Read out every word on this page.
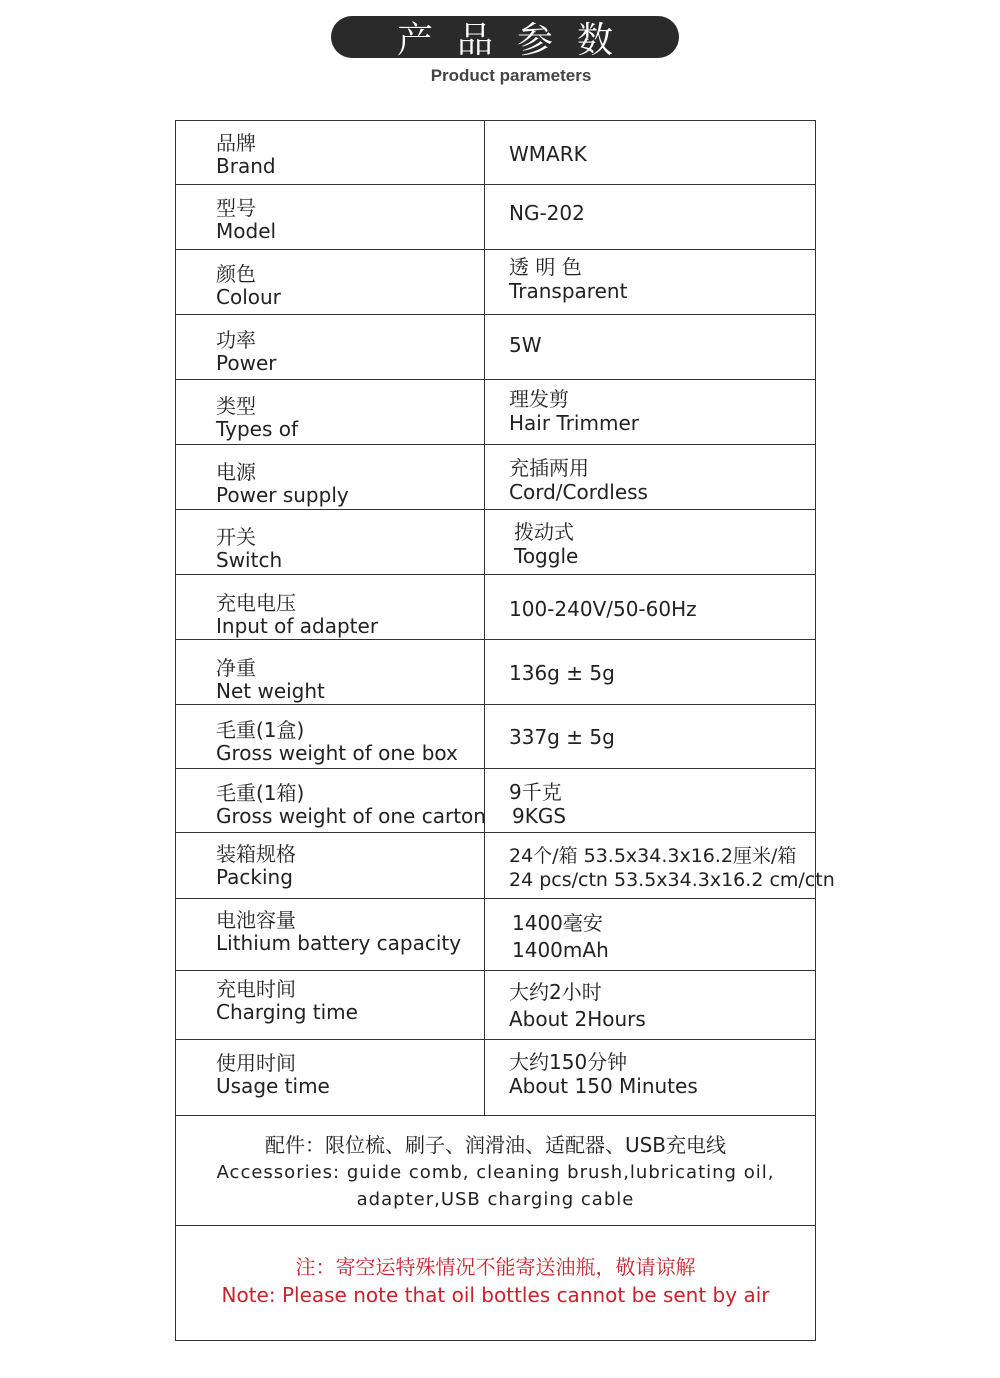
产品参数
Product parameters
品牌
Brand	WMARK
型号
Model
NG-202
颜色
Colour
透 明 色
Transparent
功率
Power
5W
类型
Types of
理发剪
Hair Trimmer
电源
Power supply
充插两用
Cord/Cordless
开关
Switch
拨动式
Toggle
充电电压
Input of adapter
100-240V/50-60Hz
净重
Net weight
136g ± 5g
毛重(1盒)
Gross weight of one box
337g ± 5g
毛重(1箱)
Gross weight of one carton
9千克
9KGS
装箱规格
Packing
24个/箱 53.5x34.3x16.2厘米/箱
24 pcs/ctn 53.5x34.3x16.2 cm/ctn
电池容量
Lithium battery capacity
1400毫安
1400mAh
充电时间
Charging time
大约2小时
About 2Hours
使用时间
Usage time
大约150分钟
About 150 Minutes
配件：限位梳、刷子、润滑油、适配器、USB充电线
Accessories: guide comb, cleaning brush,lubricating oil,
adapter,USB charging cable
注：寄空运特殊情况不能寄送油瓶，敬请谅解
Note: Please note that oil bottles cannot be sent by air
